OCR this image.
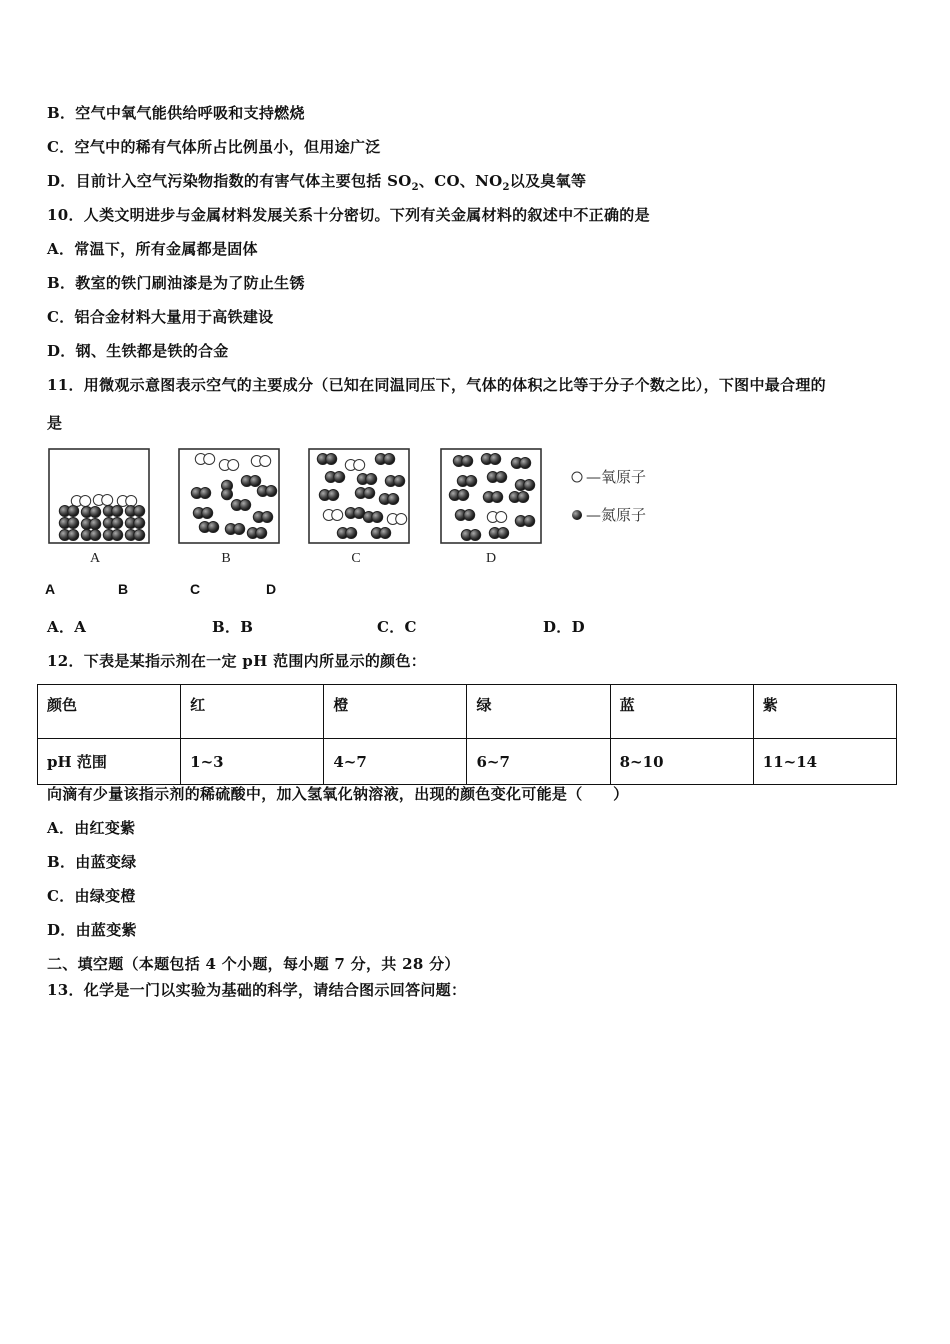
B．空气中氧气能供给呼吸和支持燃烧
C．空气中的稀有气体所占比例虽小，但用途广泛
D．目前计入空气污染物指数的有害气体主要包括 $SO_2$、CO、$NO_2$以及臭氧等
10．人类文明进步与金属材料发展关系十分密切。下列有关金属材料的叙述中不正确的是
A．常温下，所有金属都是固体
B．教室的铁门刷油漆是为了防止生锈
C．铝合金材料大量用于高铁建设
D．钢、生铁都是铁的合金
11．用微观示意图表示空气的主要成分（已知在同温同压下，气体的体积之比等于分子个数之比），下图中最合理的
是
A	B	C	D
—氧原子
—氮原子
A	B	C	D
A．A	B．B	C．C	D．D
12．下表是某指示剂在一定 pH 范围内所显示的颜色：
颜色	红	橙	绿	蓝	紫
pH 范围	1~3	4~7	6~7	8~10	11~14
向滴有少量该指示剂的稀硫酸中，加入氢氧化钠溶液，出现的颜色变化可能是（　　）
A．由红变紫
B．由蓝变绿
C．由绿变橙
D．由蓝变紫
二、填空题（本题包括 4 个小题，每小题 7 分，共 28 分）
13．化学是一门以实验为基础的科学，请结合图示回答问题：
